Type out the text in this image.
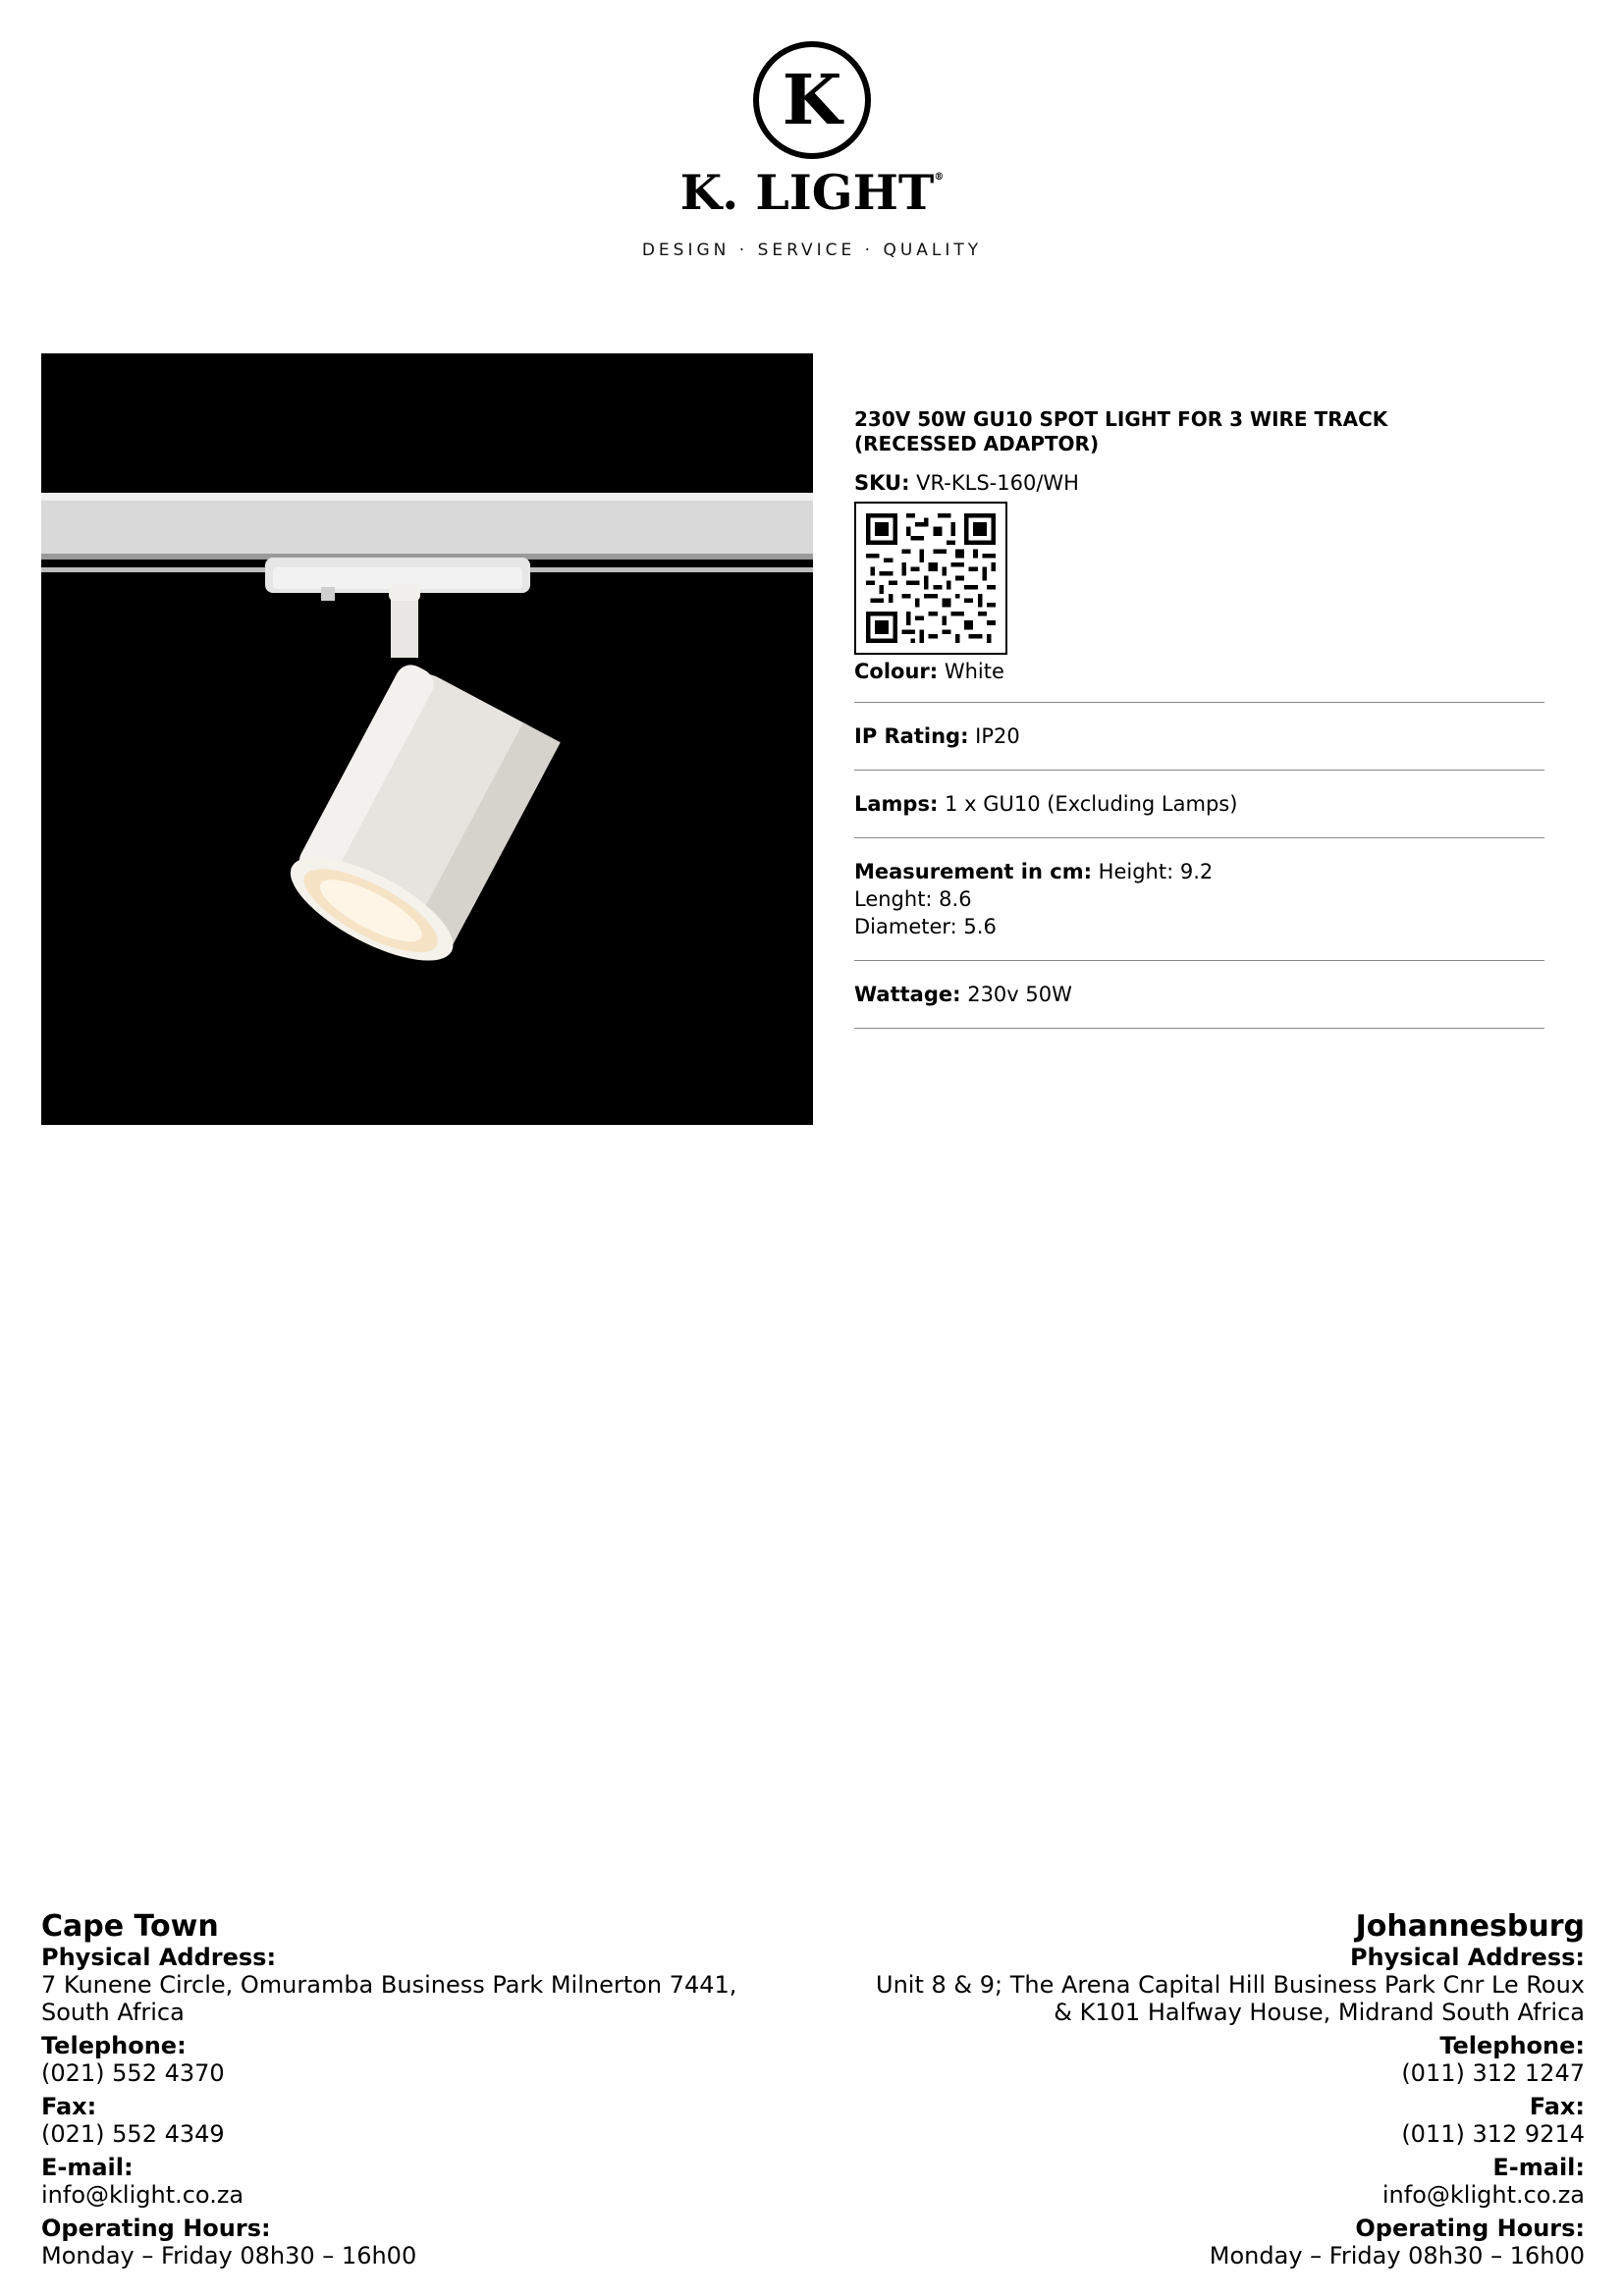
K
K. LIGHT®
DESIGN · SERVICE · QUALITY
230V 50W GU10 SPOT LIGHT FOR 3 WIRE TRACK (RECESSED ADAPTOR)
SKU: VR-KLS-160/WH
Colour: White
IP Rating: IP20
Lamps: 1 x GU10 (Excluding Lamps)
Measurement in cm: Height: 9.2
Lenght: 8.6
Diameter: 5.6
Wattage: 230v 50W
Cape Town
Physical Address:
7 Kunene Circle, Omuramba Business Park Milnerton 7441,
South Africa
Telephone:
(021) 552 4370
Fax:
(021) 552 4349
E-mail:
info@klight.co.za
Operating Hours:
Monday – Friday 08h30 – 16h00
Johannesburg
Physical Address:
Unit 8 & 9; The Arena Capital Hill Business Park Cnr Le Roux
& K101 Halfway House, Midrand South Africa
Telephone:
(011) 312 1247
Fax:
(011) 312 9214
E-mail:
info@klight.co.za
Operating Hours:
Monday – Friday 08h30 – 16h00
